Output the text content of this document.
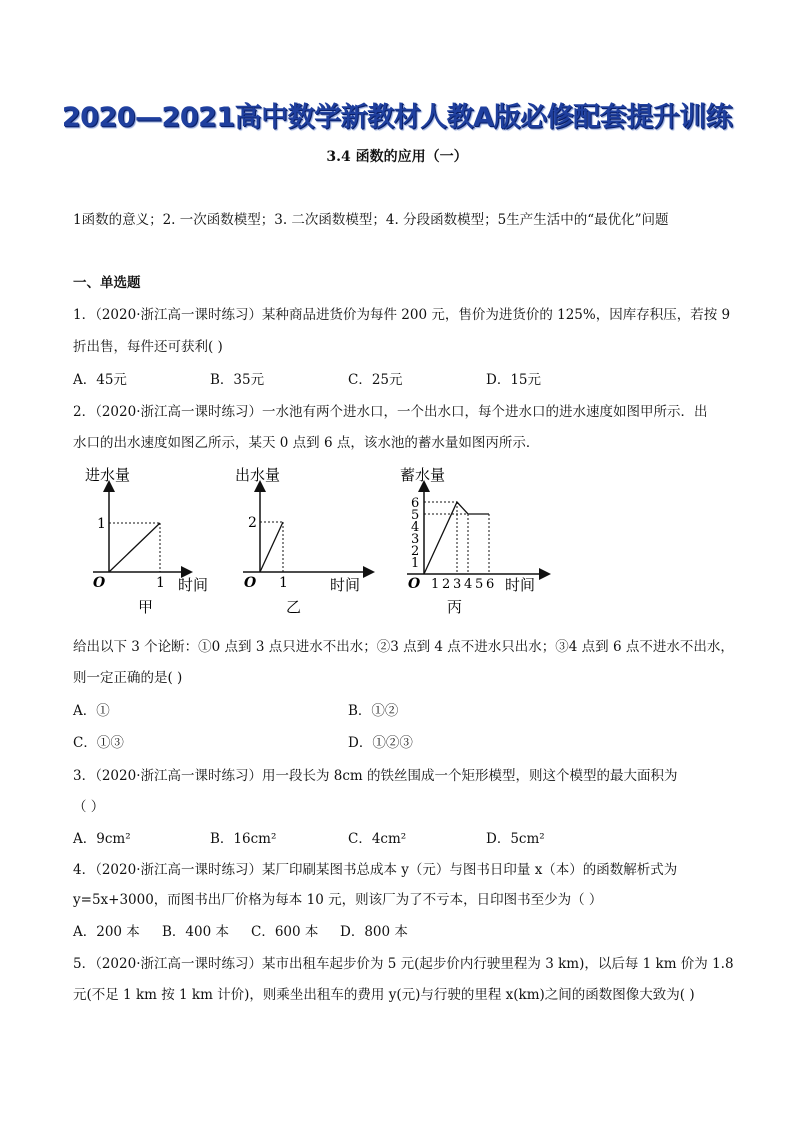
2020—2021高中数学新教材人教A版必修配套提升训练
3.4 函数的应用（一）
1函数的意义；2. 一次函数模型；3. 二次函数模型；4. 分段函数模型；5生产生活中的“最优化”问题
一、单选题
1．（2020·浙江高一课时练习）某种商品进货价为每件 200 元，售价为进货价的 125%，因库存积压，若按 9
折出售，每件还可获利( )
A．45元	B．35元	C．25元	D．15元
2．（2020·浙江高一课时练习）一水池有两个进水口，一个出水口，每个进水口的进水速度如图甲所示．出
水口的出水速度如图乙所示，某天 0 点到 6 点，该水池的蓄水量如图丙所示．
进水量
1
1
O	时间
甲
出水量
2
1
O	时间
乙
蓄水量
6
5
4
3
2
1
1 2 3 4 5 6
O	时间
丙
给出以下 3 个论断：①0 点到 3 点只进水不出水；②3 点到 4 点不进水只出水；③4 点到 6 点不进水不出水，
则一定正确的是( )
A．①	B．①②
C．①③	D．①②③
3．（2020·浙江高一课时练习）用一段长为 8cm 的铁丝围成一个矩形模型，则这个模型的最大面积为
（ ）
A．9cm²	B．16cm²	C．4cm²	D．5cm²
4．（2020·浙江高一课时练习）某厂印刷某图书总成本 y（元）与图书日印量 x（本）的函数解析式为
y=5x+3000，而图书出厂价格为每本 10 元，则该厂为了不亏本，日印图书至少为（ ）
A．200 本 B．400 本 C．600 本 D．800 本
5．（2020·浙江高一课时练习）某市出租车起步价为 5 元(起步价内行驶里程为 3 km)，以后每 1 km 价为 1.8
元(不足 1 km 按 1 km 计价)，则乘坐出租车的费用 y(元)与行驶的里程 x(km)之间的函数图像大致为( )
